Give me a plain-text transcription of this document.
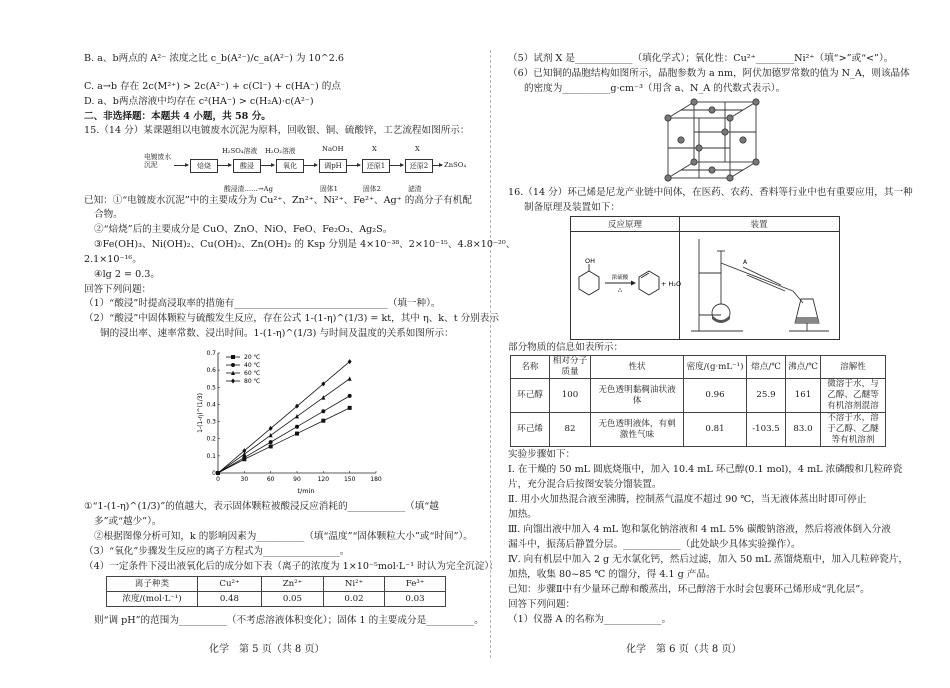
B. a、b两点的 A²⁻ 浓度之比 c_b(A²⁻)/c_a(A²⁻) 为 10^2.6
C. a→b 存在 2c(M²⁺) > 2c(A²⁻) + c(Cl⁻) + c(HA⁻) 的点
D. a、b两点溶液中均存在 c²(HA⁻) > c(H₂A)·c(A²⁻)
二、非选择题：本题共 4 小题，共 58 分。
15.（14 分）某课题组以电镀废水沉泥为原料，回收银、铜、硫酸锌，工艺流程如图所示：
电镀废水沉泥	焙烧	酸浸	氧化	调pH	还原1	还原2	ZnSO₄
H₂SO₄溶液 H₂O₂溶液	NaOH	X	X
酸浸渣……→Ag	固体1	固体2	滤渣
已知：①“电镀废水沉泥”中的主要成分为 Cu²⁺、Zn²⁺、Ni²⁺、Fe²⁺、Ag⁺ 的高分子有机配
合物。
②“焙烧”后的主要成分是 CuO、ZnO、NiO、FeO、Fe₂O₃、Ag₂S。
③Fe(OH)₃、Ni(OH)₂、Cu(OH)₂、Zn(OH)₂ 的 Ksp 分别是 4×10⁻³⁸、2×10⁻¹⁵、4.8×10⁻²⁰、
2.1×10⁻¹⁶。
④lg 2 = 0.3。
回答下列问题：
（1）“酸浸”时提高浸取率的措施有________________________________（填一种）。
（2）“酸浸”中固体颗粒与硫酸发生反应，存在公式 1-(1-η)^(1/3) = kt，其中 η、k、t 分别表示
铜的浸出率、速率常数、浸出时间。1-(1-η)^(1/3) 与时间及温度的关系如图所示：
0	30	60	90	120 150 180
0
0.1
0.2
0.3
0.4
0.5
0.6
0.7
20 ℃
40 ℃
60 ℃
80 ℃
t/min
1-(1-η)^(1/3)
①“1-(1-η)^(1/3)”的值越大，表示固体颗粒被酸浸反应消耗的____________（填“越
多”或“越少”）。
②根据图像分析可知，k 的影响因素为__________（填“温度”“固体颗粒大小”或“时间”）。
（3）“氧化”步骤发生反应的离子方程式为________________。
（4）一定条件下浸出液氧化后的成分如下表（离子的浓度为 1×10⁻⁵mol·L⁻¹ 时认为完全沉淀）：
离子种类	Cu²⁺	Zn²⁺	Ni²⁺	Fe³⁺
浓度/(mol·L⁻¹)	0.48	0.05	0.02	0.03
则“调 pH”的范围为__________（不考虑溶液体积变化）；固体 1 的主要成分是__________。
化学　第 5 页（共 8 页）
（5）试剂 X 是____________（填化学式）；氧化性：Cu²⁺________Ni²⁺（填“>”或“<”）。
（6）已知铜的晶胞结构如图所示，晶胞参数为 a nm，阿伏加德罗常数的值为 N_A，则该晶体
的密度为__________g·cm⁻³（用含 a、N_A 的代数式表示）。
16.（14 分）环己烯是尼龙产业链中间体，在医药、农药、香料等行业中也有重要应用，其一种
制备原理及装置如下：
反应原理	装置
OH
浓硫酸
△
+ H₂O
A
部分物质的信息如表所示：
名称	相对分子质量	性状	密度/(g·mL⁻¹)	熔点/℃	沸点/℃	溶解性
环己醇	100	无色透明黏稠油状液体	0.96	25.9	161	微溶于水，与乙醇、乙醚等有机溶剂混溶
环己烯	82	无色透明液体，有刺激性气味	0.81	-103.5	83.0	不溶于水，溶于乙醇、乙醚等有机溶剂
实验步骤如下：
Ⅰ. 在干燥的 50 mL 圆底烧瓶中，加入 10.4 mL 环己醇(0.1 mol)，4 mL 浓磷酸和几粒碎瓷
片，充分混合后按图安装分馏装置。
Ⅱ. 用小火加热混合液至沸腾，控制蒸气温度不超过 90 ℃，当无液体蒸出时即可停止
加热。
Ⅲ. 向馏出液中加入 4 mL 饱和氯化钠溶液和 4 mL 5% 碳酸钠溶液，然后将液体倒入分液
漏斗中，振荡后静置分层。____________（此处缺少具体实验操作）。
Ⅳ. 向有机层中加入 2 g 无水氯化钙，然后过滤，加入 50 mL 蒸馏烧瓶中，加入几粒碎瓷片，
加热，收集 80~85 ℃ 的馏分，得 4.1 g 产品。
已知：步骤Ⅱ中有少量环己醇和酸蒸出，环己醇溶于水时会包裹环己烯形成“乳化层”。
回答下列问题：
（1）仪器 A 的名称为____________。
化学　第 6 页（共 8 页）
